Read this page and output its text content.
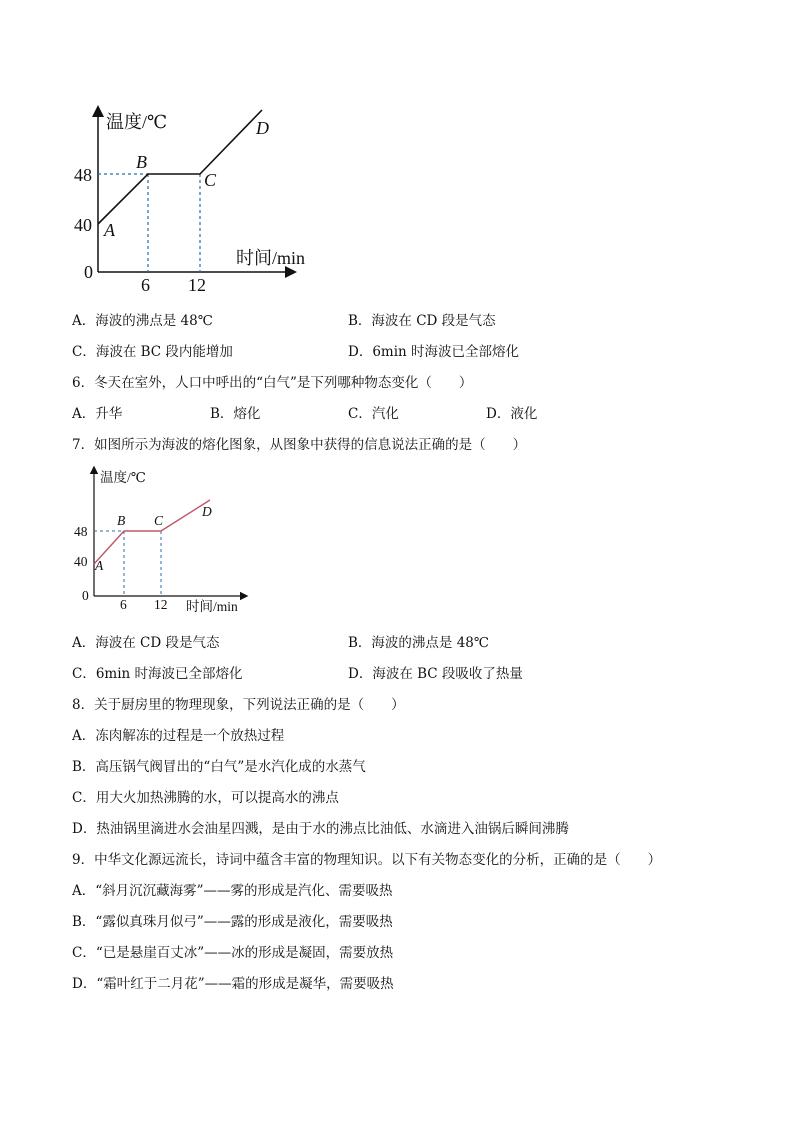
温度/℃
时间/min
0
48
40
6 12
A
B
C
D
A．海波的沸点是 48℃	B．海波在 CD 段是气态
C．海波在 BC 段内能增加	D．6min 时海波已全部熔化
6．冬天在室外，人口中呼出的“白气”是下列哪种物态变化（　　）
A．升华	B．熔化	C．汽化	D．液化
7．如图所示为海波的熔化图象，从图象中获得的信息说法正确的是（　　）
温度/℃
时间/min
0
48
40
6 12
A
B C
D
A．海波在 CD 段是气态	B．海波的沸点是 48℃
C．6min 时海波已全部熔化	D．海波在 BC 段吸收了热量
8．关于厨房里的物理现象，下列说法正确的是（　　）
A．冻肉解冻的过程是一个放热过程
B．高压锅气阀冒出的“白气”是水汽化成的水蒸气
C．用大火加热沸腾的水，可以提高水的沸点
D．热油锅里滴进水会油星四溅，是由于水的沸点比油低、水滴进入油锅后瞬间沸腾
9．中华文化源远流长，诗词中蕴含丰富的物理知识。以下有关物态变化的分析，正确的是（　　）
A．“斜月沉沉藏海雾”——雾的形成是汽化、需要吸热
B．“露似真珠月似弓”——露的形成是液化，需要吸热
C．“已是悬崖百丈冰”——冰的形成是凝固，需要放热
D．“霜叶红于二月花”——霜的形成是凝华，需要吸热
